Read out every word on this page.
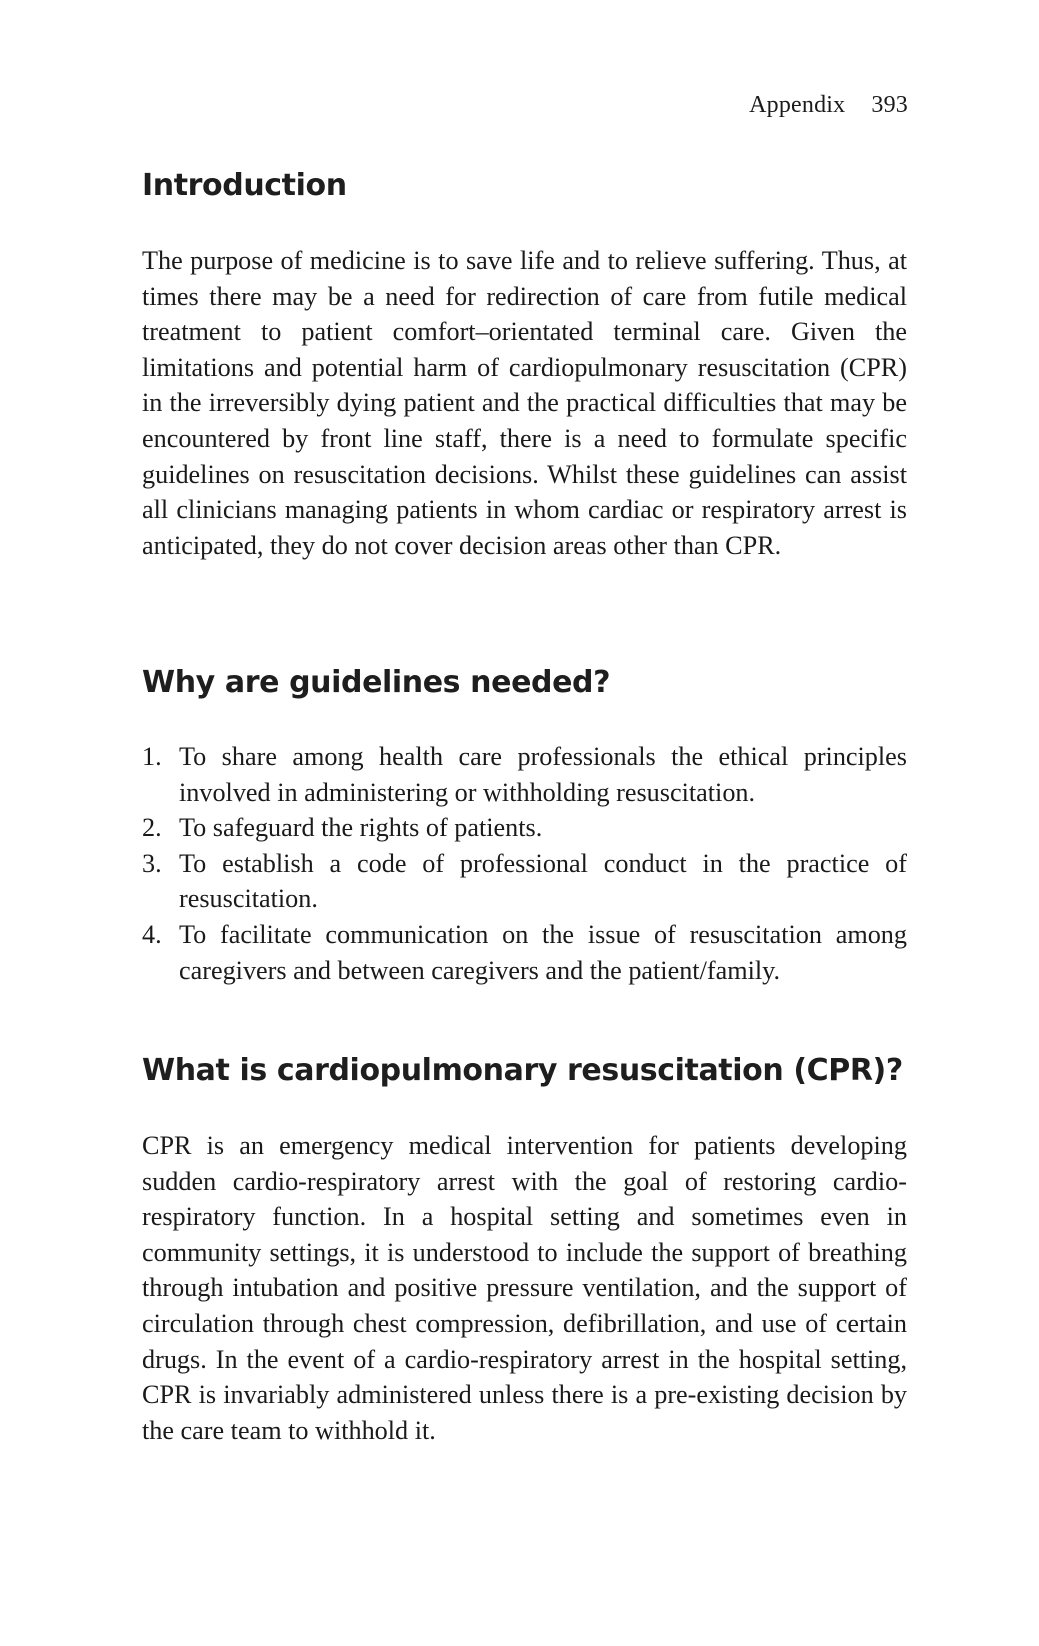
Appendix 393
Introduction

The purpose of medicine is to save life and to relieve suffering. Thus, at times there may be a need for redirection of care from futile medical treatment to patient comfort–orientated terminal care. Given the limitations and potential harm of cardiopulmonary resuscitation (CPR) in the irreversibly dying patient and the practical difficulties that may be encountered by front line staff, there is a need to formulate specific guidelines on resuscitation decisions. Whilst these guidelines can assist all clinicians managing patients in whom cardiac or respiratory arrest is anticipated, they do not cover decision areas other than CPR.

Why are guidelines needed?
1. To share among health care professionals the ethical principles involved in administering or withholding resuscitation.
2. To safeguard the rights of patients.
3. To establish a code of professional conduct in the practice of resuscitation.
4. To facilitate communication on the issue of resuscitation among caregivers and between caregivers and the patient/family.
What is cardiopulmonary resuscitation (CPR)?

CPR is an emergency medical intervention for patients developing sudden cardio-respiratory arrest with the goal of restoring cardio-respiratory function. In a hospital setting and sometimes even in community settings, it is understood to include the support of breathing through intubation and positive pressure ventilation, and the support of circulation through chest compression, defibrillation, and use of certain drugs. In the event of a cardio-respiratory arrest in the hospital setting, CPR is invariably administered unless there is a pre-existing decision by the care team to withhold it.
